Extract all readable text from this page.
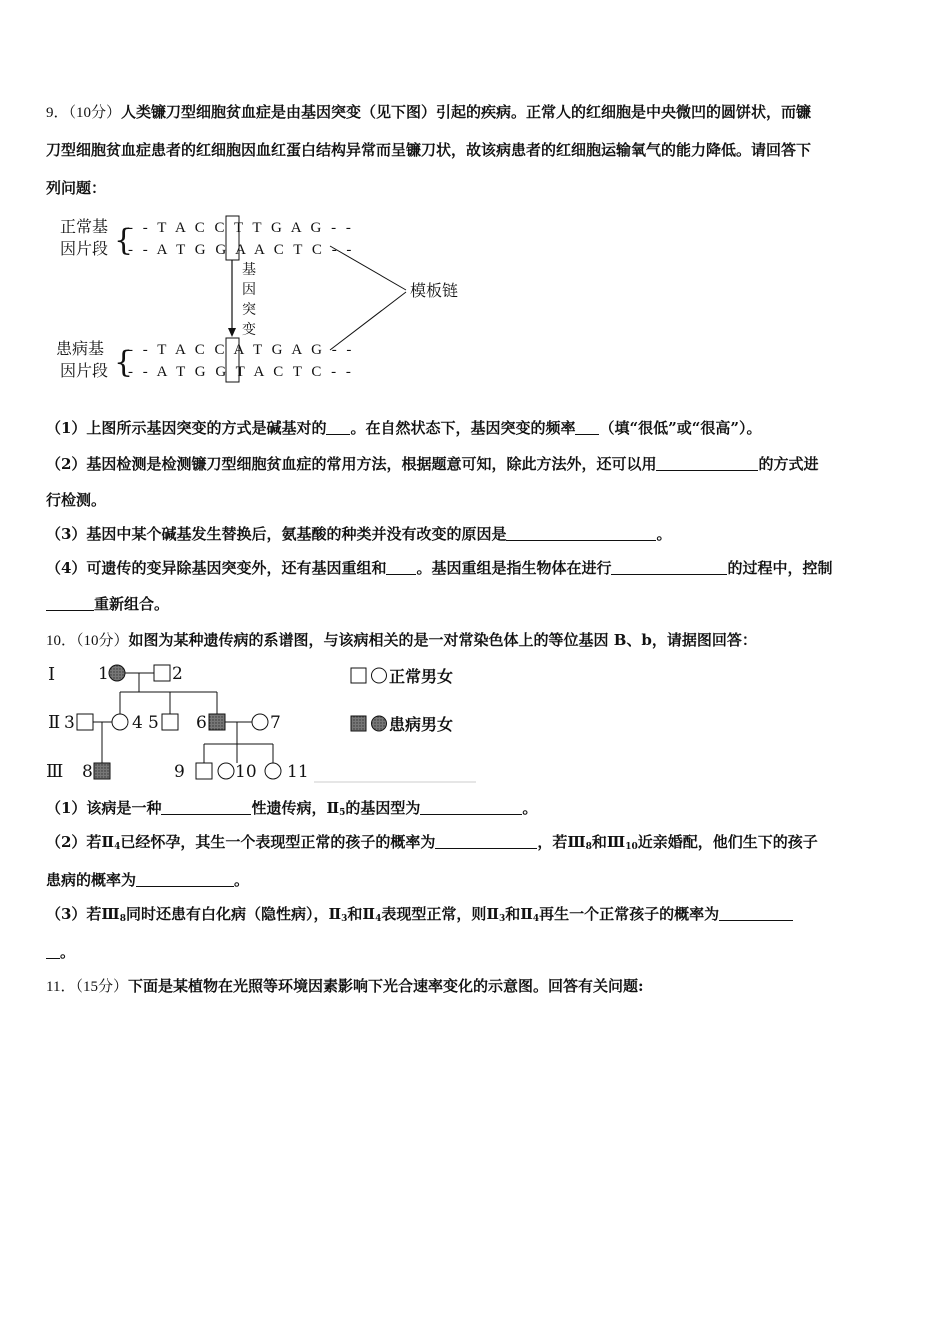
9．（10分）人类镰刀型细胞贫血症是由基因突变（见下图）引起的疾病。正常人的红细胞是中央微凹的圆饼状，而镰
刀型细胞贫血症患者的红细胞因血红蛋白结构异常而呈镰刀状，故该病患者的红细胞运输氧气的能力降低。请回答下
列问题：
正常基
因片段 {
- - T A C C T T G A G - -
- - A T G G A A C T C - -
基
因
突
变
模板链
患病基
因片段 {
- - T A C C A T G A G - -
- - A T G G T A C T C - -
（1）上图所示基因突变的方式是碱基对的 。在自然状态下，基因突变的频率 （填“很低”或“很高”）。
（2）基因检测是检测镰刀型细胞贫血症的常用方法，根据题意可知，除此方法外，还可以用	的方式进
行检测。
（3）基因中某个碱基发生替换后，氨基酸的种类并没有改变的原因是	。
（4）可遗传的变异除基因突变外，还有基因重组和 。基因重组是指生物体在进行	的过程中，控制
重新组合。
10．（10分）如图为某种遗传病的系谱图，与该病相关的是一对常染色体上的等位基因 B、b，请据图回答：
Ⅰ
Ⅱ
Ⅲ
1	2
3	4 5 6	7
8	9	10 11
正常男女
患病男女
（1）该病是一种	性遗传病，$Ⅱ_5$的基因型为	。
（2）若$Ⅱ_4$已经怀孕，其生一个表现型正常的孩子的概率为	，若$Ⅲ_8$和$Ⅲ_{10}$近亲婚配，他们生下的孩子
患病的概率为	。
（3）若$Ⅲ_8$同时还患有白化病（隐性病），$Ⅱ_3$和$Ⅱ_4$表现型正常，则$Ⅱ_3$和$Ⅱ_4$再生一个正常孩子的概率为
。
11．（15分）下面是某植物在光照等环境因素影响下光合速率变化的示意图。回答有关问题:
